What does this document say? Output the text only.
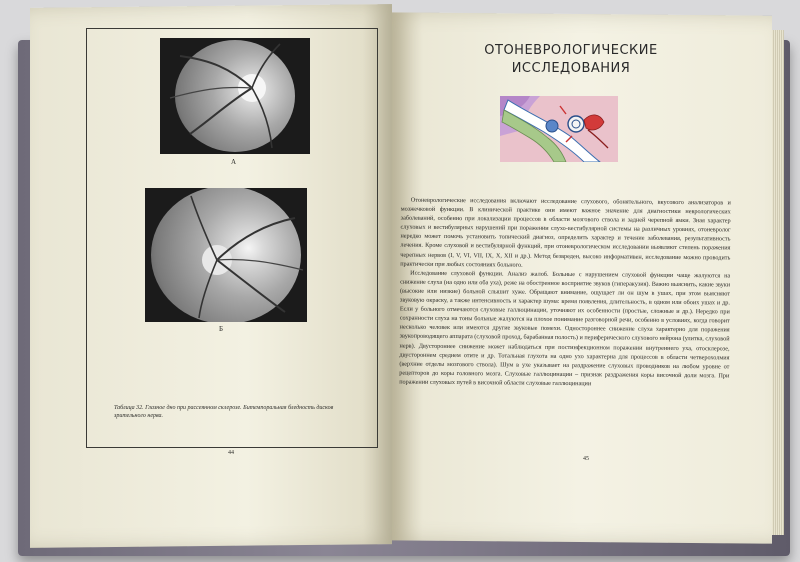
А
Б
Таблица 32. Глазное дно при рассеянном склерозе. Битемпоральная бледность дисков зрительного нерва.
44
ОТОНЕВРОЛОГИЧЕСКИЕ ИССЛЕДОВАНИЯ

Отоневрологические исследования включают исследование слухового, обонятельного, вкусового анализаторов и мозжечковой функции. В клинической практике они имеют важное значение для диагностики неврологических заболеваний, особенно при локализации процессов в области мозгового ствола и задней черепной ямки. Зная характер слуховых и вестибулярных нарушений при поражении слухо-вестибулярной системы на различных уровнях, отоневролог нередко может помочь установить топический диагноз, определить характер и течение заболевания, результативность лечения. Кроме слуховой и вестибулярной функций, при отоневрологическом исследовании выявляют степень поражения черепных нервов (I, V, VI, VII, IX, X, XII и др.). Метод безвреден, высоко информативен, исследование можно проводить практически при любых состояниях больного.

Исследование слуховой функции. Анализ жалоб. Больные с нарушением слуховой функции чаще жалуются на снижение слуха (на одно или оба уха), реже на обостренное восприятие звуков (гиперакузия). Важно выяснить, какие звуки (высокие или низкие) больной слышит хуже. Обращают внимание, ощущает ли он шум в ушах, при этом выясняют звуковую окраску, а также интенсивность и характер шума: время появления, длительность, в одном или обоих ушах и др. Если у больного отмечаются слуховые галлюцинации, уточняют их особенности (простые, сложные и др.). Нередко при сохранности слуха на тоны больные жалуются на плохое понимание разговорной речи, особенно в условиях, когда говорит несколько человек или имеются другие звуковые помехи. Одностороннее снижение слуха характерно для поражения звукопроводящего аппарата (слуховой проход, барабанная полость) и периферического слухового нейрона (улитка, слуховой нерв). Двустороннее снижение может наблюдаться при постинфекционном поражении внутреннего уха, отосклерозе, двустороннем среднем отите и др. Тотальная глухота на одно ухо характерна для процессов в области четверохолмия (верхние отделы мозгового ствола). Шум в ухе указывает на раздражение слуховых проводников на любом уровне от рецепторов до коры головного мозга. Слуховые галлюцинации – признак раздражения коры височной доли мозга. При поражении слуховых путей в височной области слуховые галлюцинации

45
